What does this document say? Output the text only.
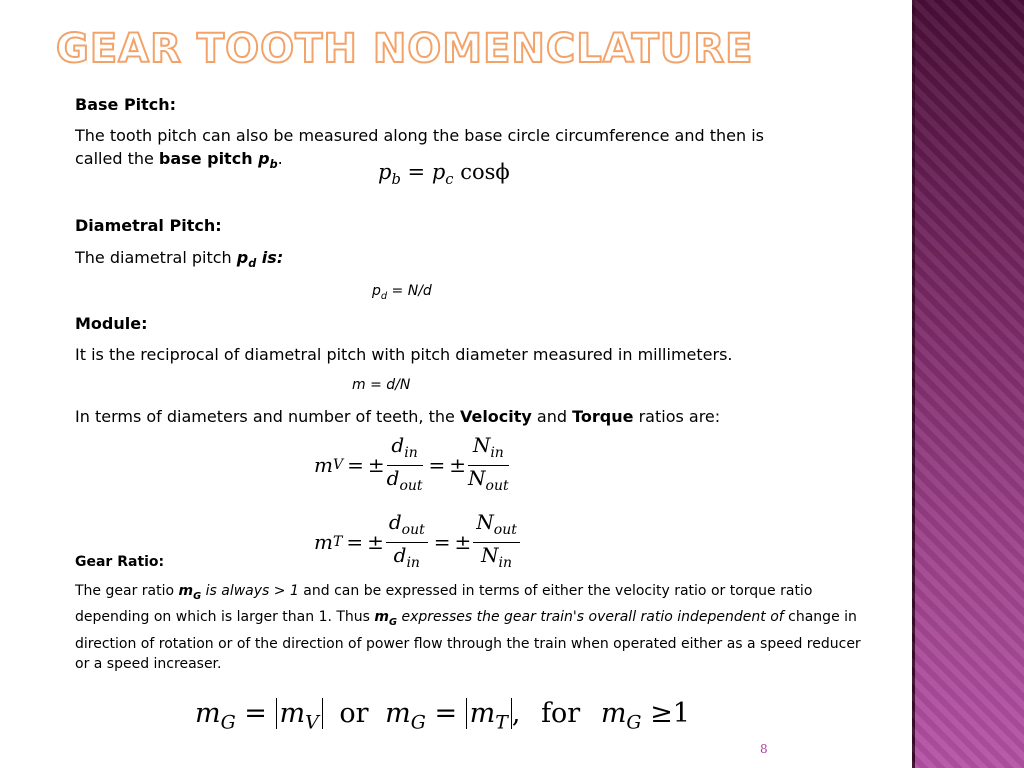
GEAR TOOTH NOMENCLATURE
Base Pitch:
The tooth pitch can also be measured along the base circle circumference and then is
called the base pitch $p_b$.
$p_b = p_c$ cosϕ
Diametral Pitch:
The diametral pitch $p_d$ is:
$p_d = N/d$
Module:
It is the reciprocal of diametral pitch with pitch diameter measured in millimeters.
m = d/N
In terms of diameters and number of teeth, the Velocity and Torque ratios are:
m V = ± $\frac{d_{in}}{d_{out}}$ = ± $\frac{N_{in}}{N_{out}}$
m T = ± $\frac{d_{out}}{d_{in}}$ = ± $\frac{N_{out}}{N_{in}}$
Gear Ratio:
The gear ratio $m_G$ is always > 1 and can be expressed in terms of either the velocity ratio or torque ratio depending on which is larger than 1. Thus $m_G$ expresses the gear train's overall ratio independent of change in direction of rotation or of the direction of power flow through the train when operated either as a speed reducer or a speed increaser.
$m_G = m_V$ or $m_G = m_T$ , for $m_G \ge 1$
8
